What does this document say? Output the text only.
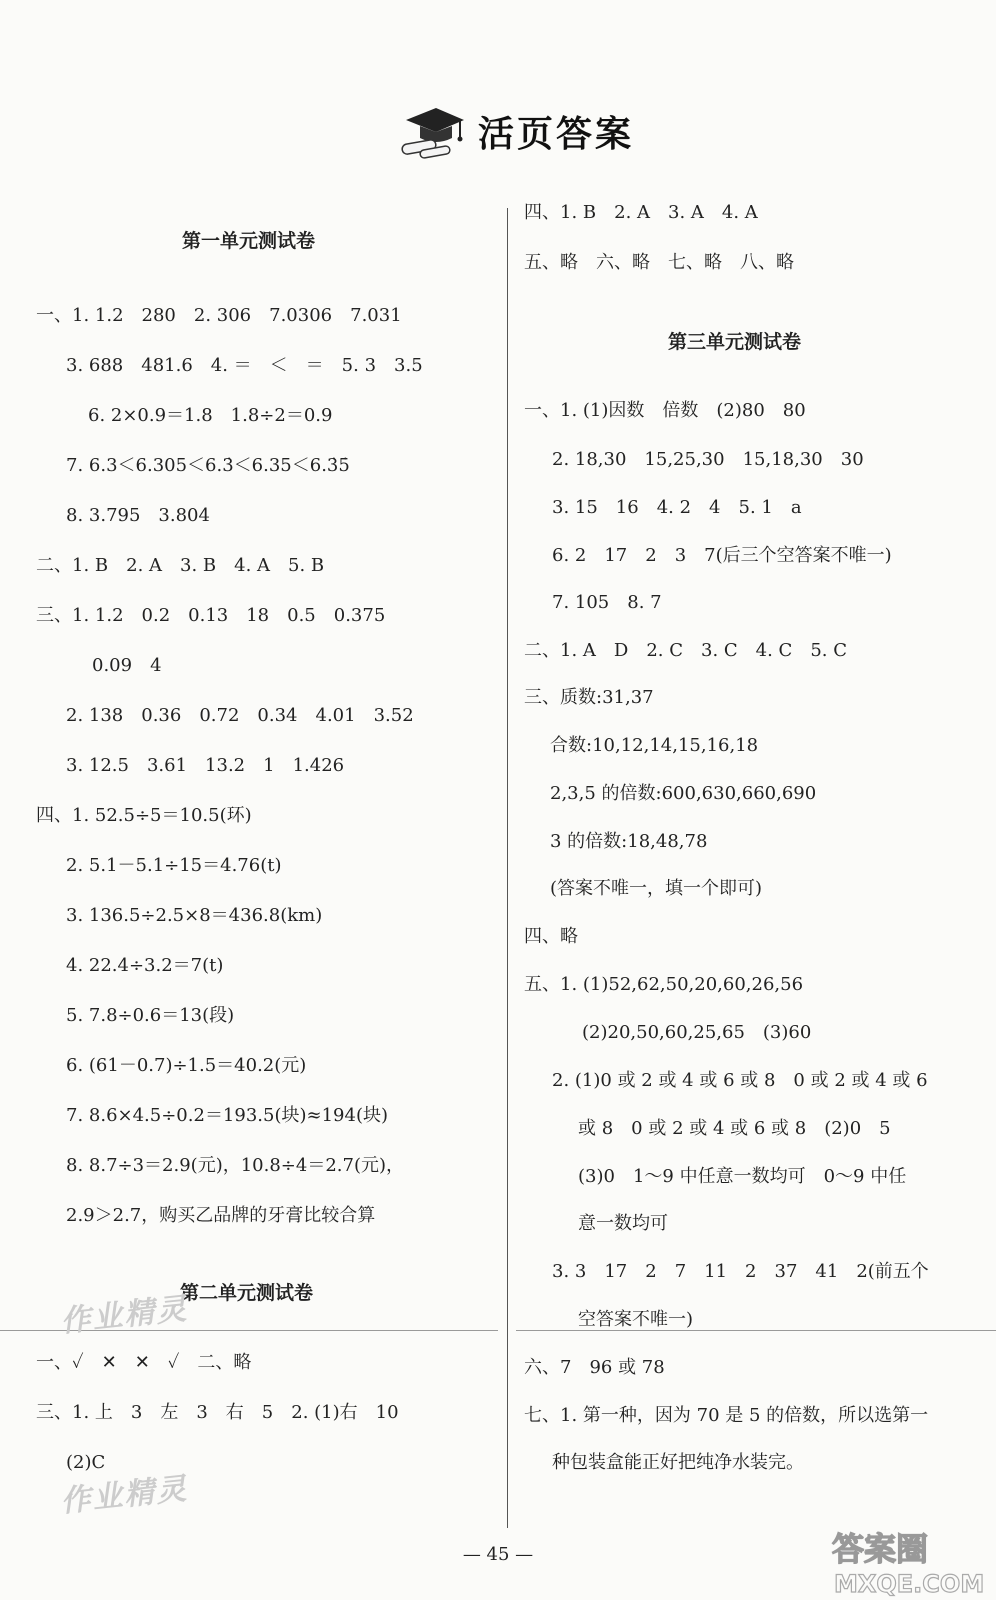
活页答案
第一单元测试卷
一、1. 1.2　280　2. 306　7.0306　7.031
3. 688　481.6　4. ＝　＜　＝　5. 3　3.5
6. 2×0.9＝1.8　1.8÷2＝0.9
7. 6.3＜6.305＜6.3̇＜6.35＜6.3̇5̇
8. 3.795　3.804
二、1. B　2. A　3. B　4. A　5. B
三、1. 1.2　0.2　0.13　18　0.5　0.375
0.09　4
2. 138　0.36　0.72　0.34　4.01　3.52
3. 12.5　3.61　13.2　1　1.426
四、1. 52.5÷5＝10.5(环)
2. 5.1－5.1÷15＝4.76(t)
3. 136.5÷2.5×8＝436.8(km)
4. 22.4÷3.2＝7(t)
5. 7.8÷0.6＝13(段)
6. (61－0.7)÷1.5＝40.2(元)
7. 8.6×4.5÷0.2＝193.5(块)≈194(块)
8. 8.7÷3＝2.9(元)，10.8÷4＝2.7(元)，
2.9＞2.7，购买乙品牌的牙膏比较合算
第二单元测试卷
一、✓　✕　✕　✓　二、略
三、1. 上　3　左　3　右　5　2. (1)右　10
(2)C
四、1. B　2. A　3. A　4. A
五、略　六、略　七、略　八、略
第三单元测试卷
一、1. (1)因数　倍数　(2)80　80
2. 18,30　15,25,30　15,18,30　30
3. 15　16　4. 2　4　5. 1　a
6. 2　17　2　3　7(后三个空答案不唯一)
7. 105　8. 7
二、1. A　D　2. C　3. C　4. C　5. C
三、质数:31,37
合数:10,12,14,15,16,18
2,3,5 的倍数:600,630,660,690
3 的倍数:18,48,78
(答案不唯一，填一个即可)
四、略
五、1. (1)52,62,50,20,60,26,56
(2)20,50,60,25,65　(3)60
2. (1)0 或 2 或 4 或 6 或 8　0 或 2 或 4 或 6
或 8　0 或 2 或 4 或 6 或 8　(2)0　5
(3)0　1～9 中任意一数均可　0～9 中任
意一数均可
3. 3　17　2　7　11　2　37　41　2(前五个
空答案不唯一)
六、7　96 或 78
七、1. 第一种，因为 70 是 5 的倍数，所以选第一
种包装盒能正好把纯净水装完。
作业精灵
作业精灵
— 45 —	答案圈
MXQE.COM
